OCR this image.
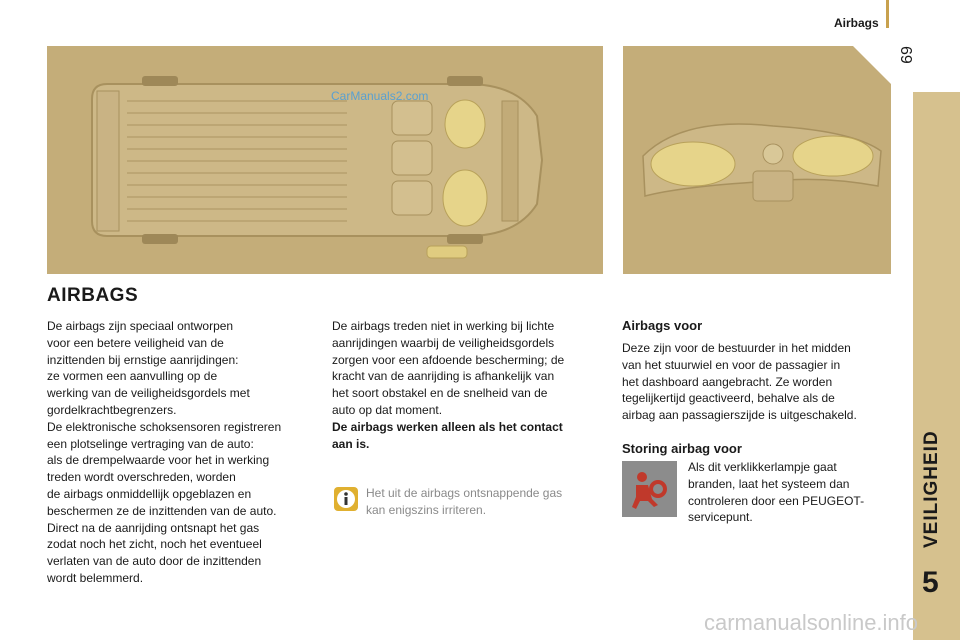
Airbags
69
VEILIGHEID
5
CarManuals2.com
AIRBAGS

De airbags zijn speciaal ontworpen

voor een betere veiligheid van de

inzittenden bij ernstige aanrijdingen:

ze vormen een aanvulling op de

werking van de veiligheidsgordels met

gordelkrachtbegrenzers.

De elektronische schoksensoren registreren

een plotselinge vertraging van de auto:

als de drempelwaarde voor het in werking

treden wordt overschreden, worden

de airbags onmiddellijk opgeblazen en

beschermen ze de inzittenden van de auto.

Direct na de aanrijding ontsnapt het gas

zodat noch het zicht, noch het eventueel

verlaten van de auto door de inzittenden

wordt belemmerd.

De airbags treden niet in werking bij lichte

aanrijdingen waarbij de veiligheidsgordels

zorgen voor een afdoende bescherming; de

kracht van de aanrijding is afhankelijk van

het soort obstakel en de snelheid van de

auto op dat moment.

De airbags werken alleen als het contact

aan is.

Het uit de airbags ontsnappende gas
kan enigszins irriteren.
Airbags voor

Deze zijn voor de bestuurder in het midden

van het stuurwiel en voor de passagier in

het dashboard aangebracht. Ze worden

tegelijkertijd geactiveerd, behalve als de

airbag aan passagierszijde is uitgeschakeld.

Storing airbag voor

Als dit verklikkerlampje gaat

branden, laat het systeem dan

controleren door een PEUGEOT-

servicepunt.

carmanualsonline.info
